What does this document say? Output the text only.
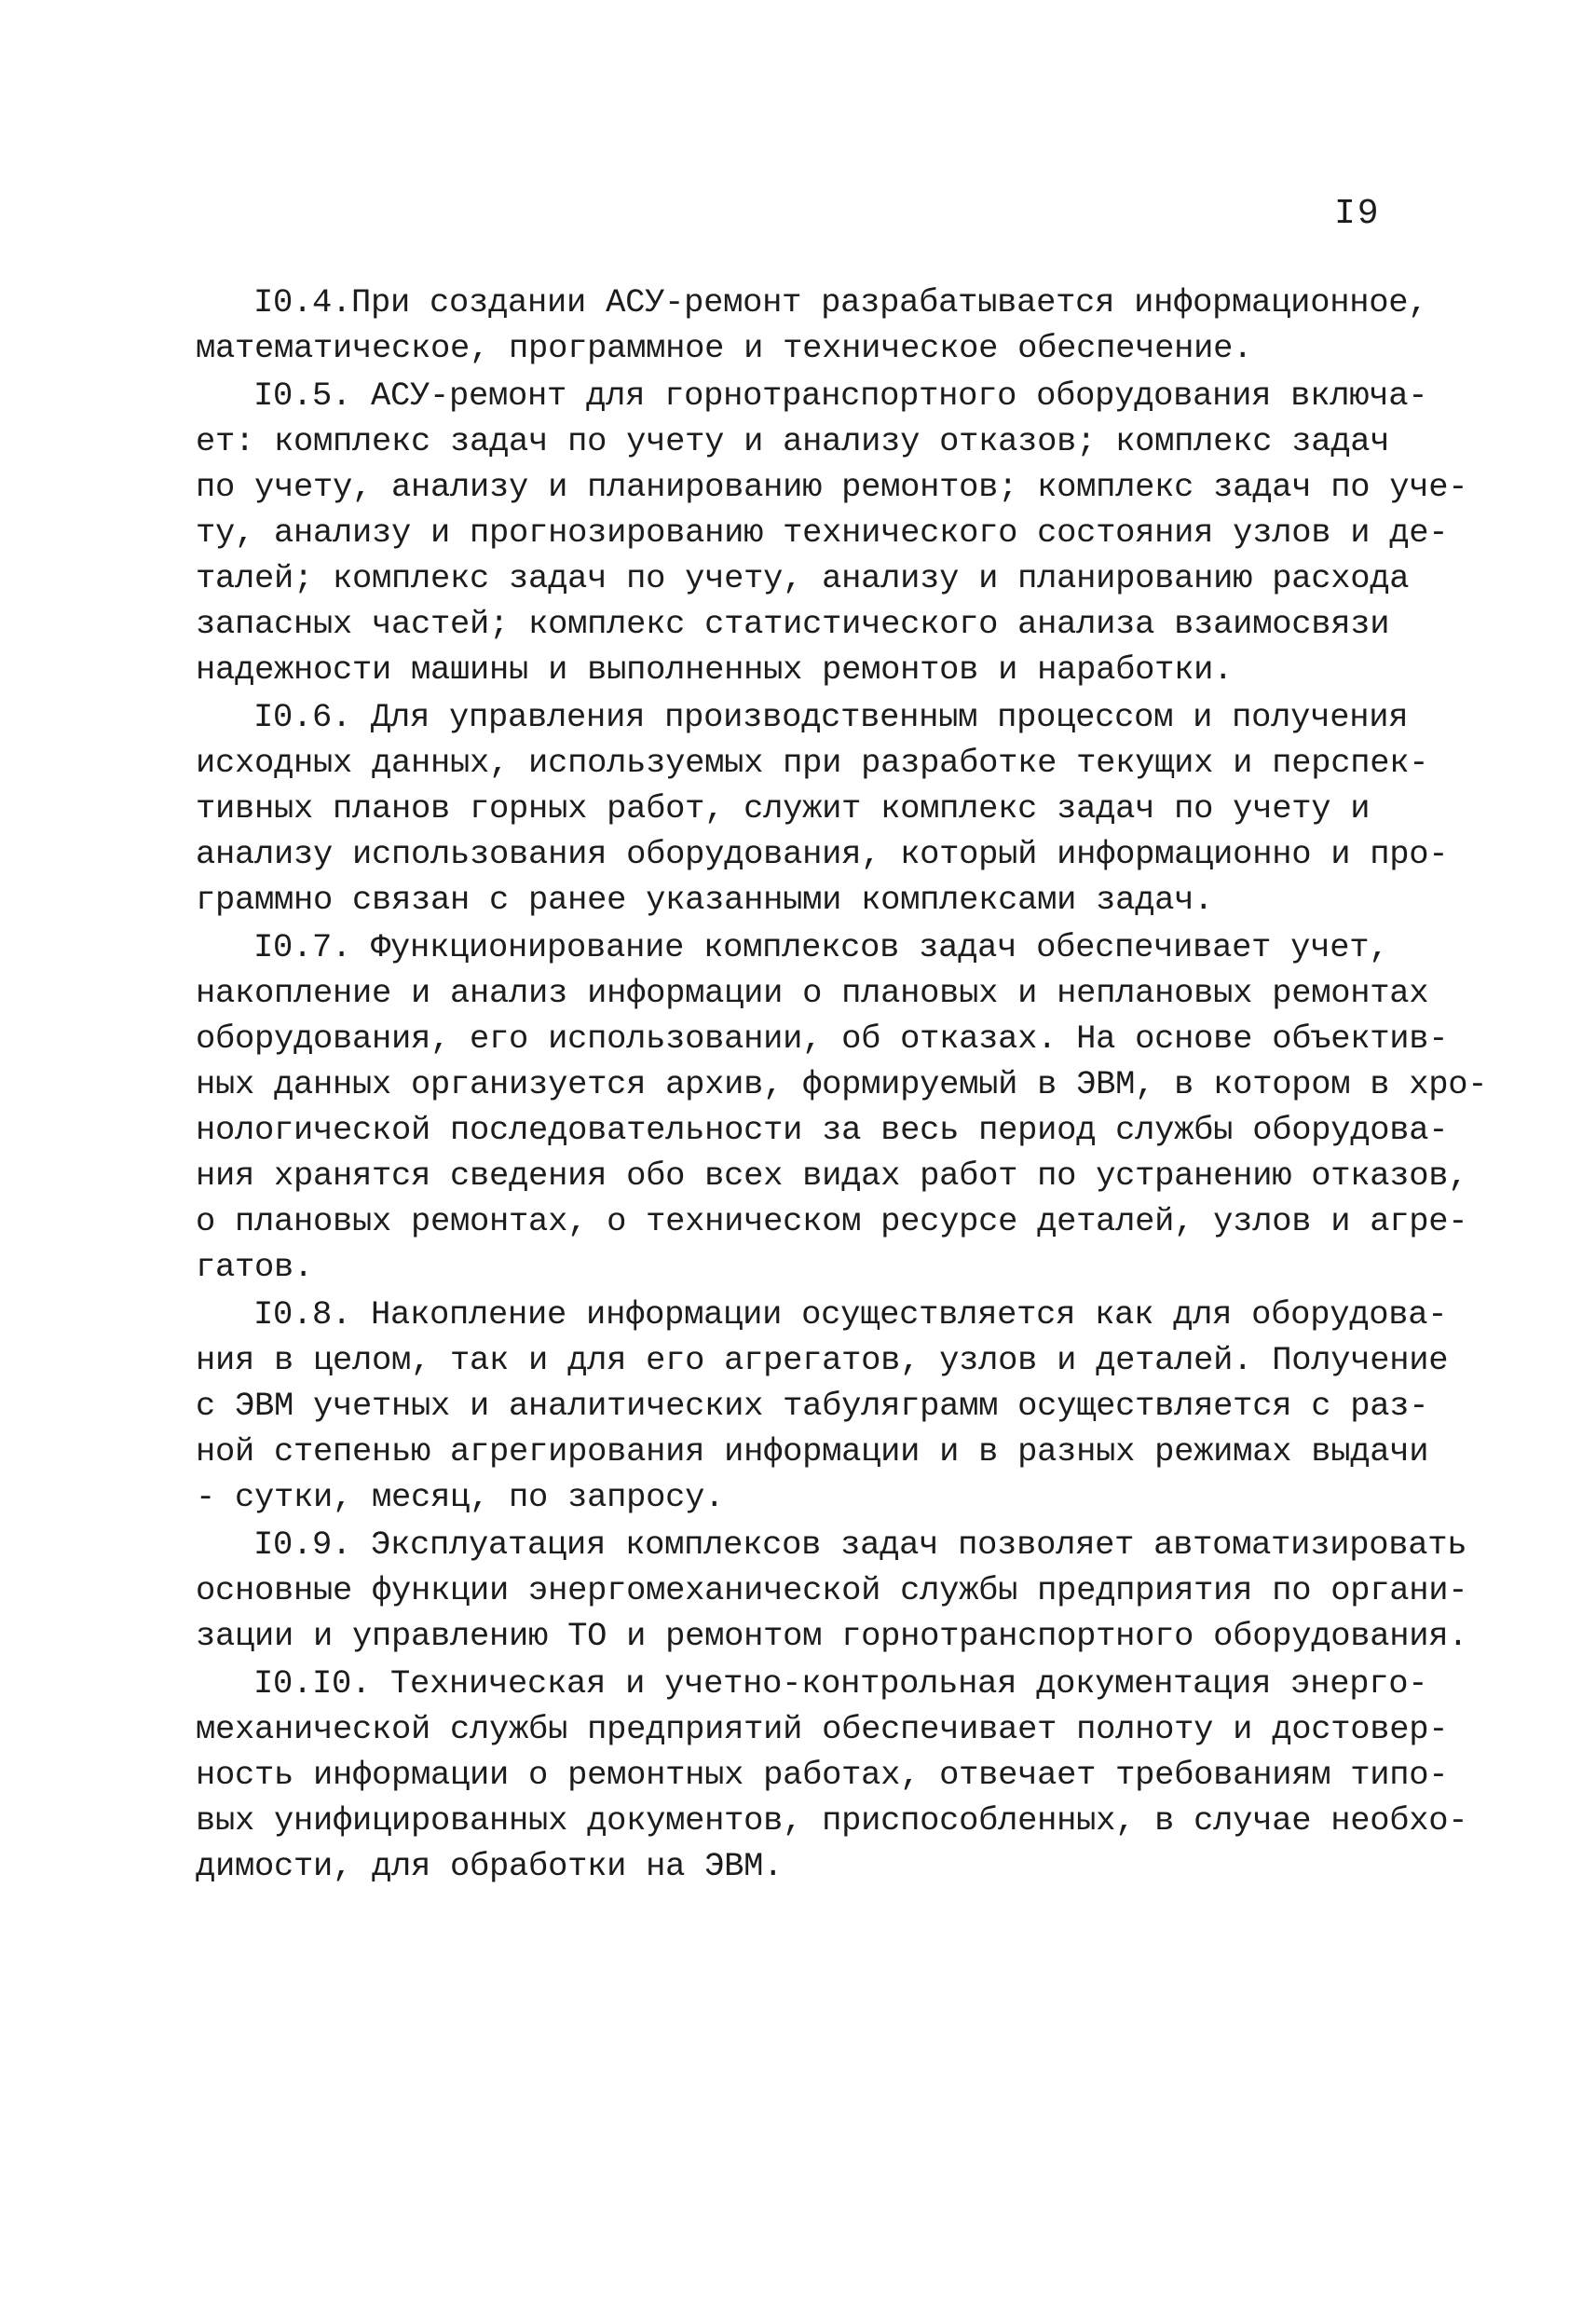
I9
I0.4.При создании АСУ-ремонт разрабатывается информационное,
математическое, программное и техническое обеспечение.
I0.5. АСУ-ремонт для горнотранспортного оборудования включа-
ет: комплекс задач по учету и анализу отказов; комплекс задач
по учету, анализу и планированию ремонтов; комплекс задач по уче-
ту, анализу и прогнозированию технического состояния узлов и де-
талей; комплекс задач по учету, анализу и планированию расхода
запасных частей; комплекс статистического анализа взаимосвязи
надежности машины и выполненных ремонтов и наработки.
I0.6. Для управления производственным процессом и получения
исходных данных, используемых при разработке текущих и перспек-
тивных планов горных работ, служит комплекс задач по учету и
анализу использования оборудования, который информационно и про-
граммно связан с ранее указанными комплексами задач.
I0.7. Функционирование комплексов задач обеспечивает учет,
накопление и анализ информации о плановых и неплановых ремонтах
оборудования, его использовании, об отказах. На основе объектив-
ных данных организуется архив, формируемый в ЭВМ, в котором в хро-
нологической последовательности за весь период службы оборудова-
ния хранятся сведения обо всех видах работ по устранению отказов,
о плановых ремонтах, о техническом ресурсе деталей, узлов и агре-
гатов.
I0.8. Накопление информации осуществляется как для оборудова-
ния в целом, так и для его агрегатов, узлов и деталей. Получение
с ЭВМ учетных и аналитических табуляграмм осуществляется с раз-
ной степенью агрегирования информации и в разных режимах выдачи
- сутки, месяц, по запросу.
I0.9. Эксплуатация комплексов задач позволяет автоматизировать
основные функции энергомеханической службы предприятия по органи-
зации и управлению ТО и ремонтом горнотранспортного оборудования.
I0.I0. Техническая и учетно-контрольная документация энерго-
механической службы предприятий обеспечивает полноту и достовер-
ность информации о ремонтных работах, отвечает требованиям типо-
вых унифицированных документов, приспособленных, в случае необхо-
димости, для обработки на ЭВМ.
